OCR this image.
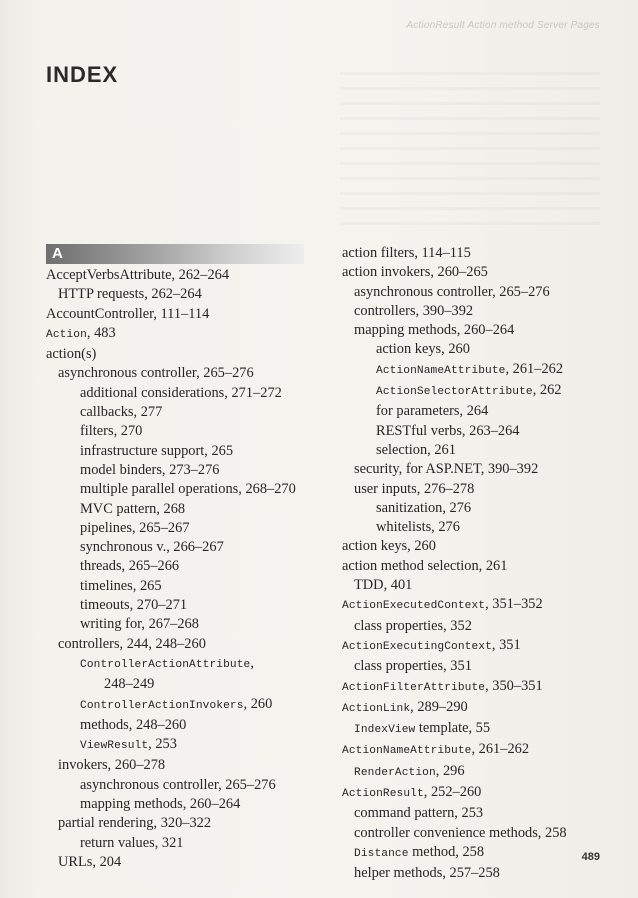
ActionResult Action method Server Pages
INDEX
A
AcceptVerbsAttribute, 262–264
HTTP requests, 262–264
AccountController, 111–114
Action, 483
action(s)
asynchronous controller, 265–276
additional considerations, 271–272
callbacks, 277
filters, 270
infrastructure support, 265
model binders, 273–276
multiple parallel operations, 268–270
MVC pattern, 268
pipelines, 265–267
synchronous v., 266–267
threads, 265–266
timelines, 265
timeouts, 270–271
writing for, 267–268
controllers, 244, 248–260
ControllerActionAttribute,
248–249
ControllerActionInvokers, 260
methods, 248–260
ViewResult, 253
invokers, 260–278
asynchronous controller, 265–276
mapping methods, 260–264
partial rendering, 320–322
return values, 321
URLs, 204
action filters, 114–115
action invokers, 260–265
asynchronous controller, 265–276
controllers, 390–392
mapping methods, 260–264
action keys, 260
ActionNameAttribute, 261–262
ActionSelectorAttribute, 262
for parameters, 264
RESTful verbs, 263–264
selection, 261
security, for ASP.NET, 390–392
user inputs, 276–278
sanitization, 276
whitelists, 276
action keys, 260
action method selection, 261
TDD, 401
ActionExecutedContext, 351–352
class properties, 352
ActionExecutingContext, 351
class properties, 351
ActionFilterAttribute, 350–351
ActionLink, 289–290
IndexView template, 55
ActionNameAttribute, 261–262
RenderAction, 296
ActionResult, 252–260
command pattern, 253
controller convenience methods, 258
Distance method, 258
helper methods, 257–258
489
